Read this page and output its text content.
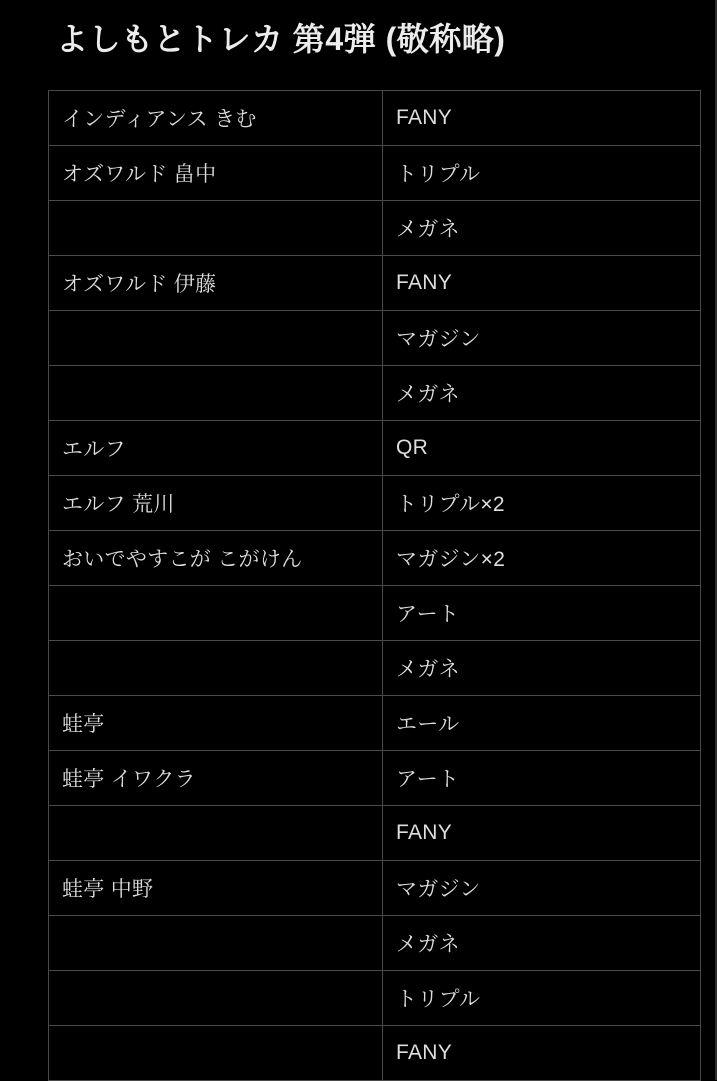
よしもとトレカ 第4弾 (敬称略)
インディアンス きむ	FANY
オズワルド 畠中	トリプル
	メガネ
オズワルド 伊藤	FANY
	マガジン
	メガネ
エルフ	QR
エルフ 荒川	トリプル×2
おいでやすこが こがけん	マガジン×2
	アート
	メガネ
蛙亭	エール
蛙亭 イワクラ	アート
	FANY
蛙亭 中野	マガジン
	メガネ
	トリプル
	FANY
